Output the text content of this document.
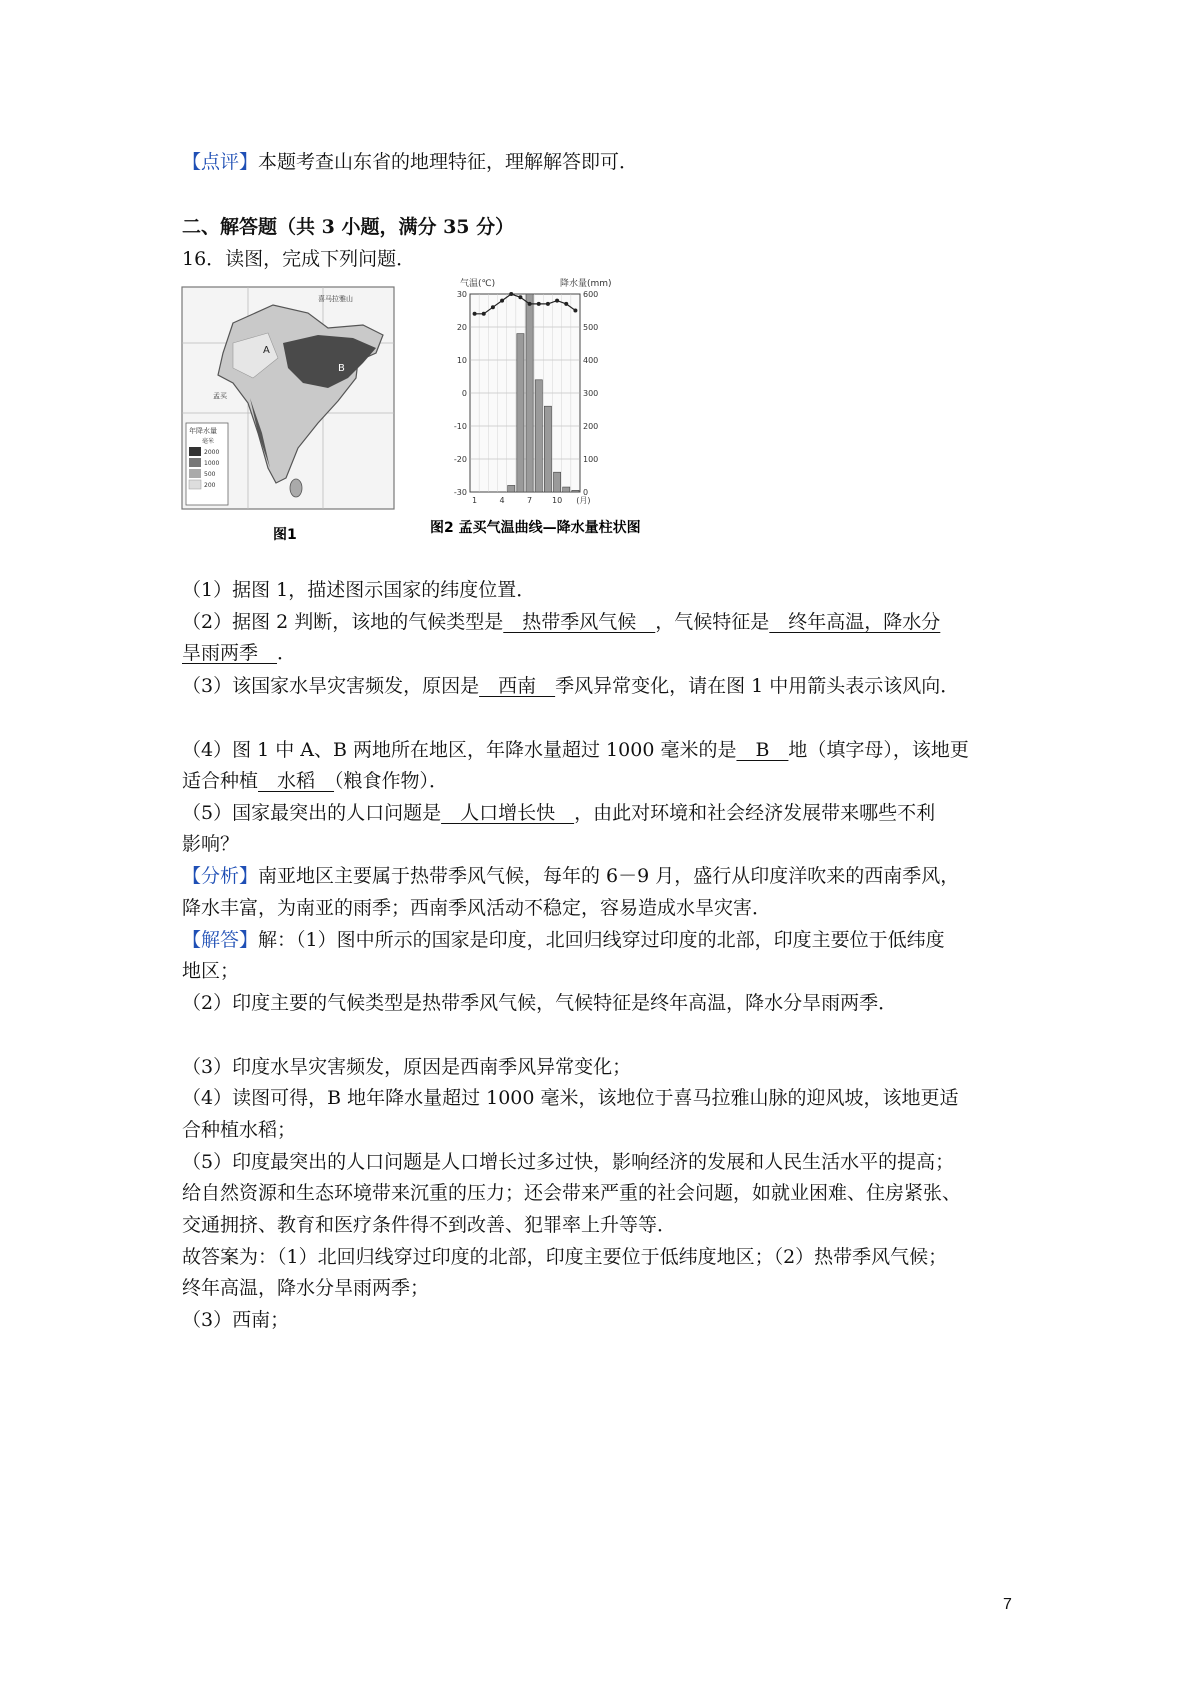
【点评】本题考查山东省的地理特征，理解解答即可．
二、解答题（共 3 小题，满分 35 分）
16．读图，完成下列问题．
A
B
喜马拉雅山
孟买
年降水量
毫米
2000
1000
500
200
图1
气温(℃)	降水量(mm)
30
20
10
0
-10
-20
-30
600
500
400
300
200
100
0
1	4	7 10 (月)
图2 孟买气温曲线—降水量柱状图
（1）据图 1，描述图示国家的纬度位置．
（2）据图 2 判断，该地的气候类型是　热带季风气候　，气候特征是　终年高温，降水分
旱雨两季　．
（3）该国家水旱灾害频发，原因是　西南　季风异常变化，请在图 1 中用箭头表示该风向．
（4）图 1 中 A、B 两地所在地区，年降水量超过 1000 毫米的是　B　地（填字母），该地更
适合种植　水稻　（粮食作物）．
（5）国家最突出的人口问题是　人口增长快　，由此对环境和社会经济发展带来哪些不利
影响？
【分析】南亚地区主要属于热带季风气候，每年的 6－9 月，盛行从印度洋吹来的西南季风，
降水丰富，为南亚的雨季；西南季风活动不稳定，容易造成水旱灾害．
【解答】解：（1）图中所示的国家是印度，北回归线穿过印度的北部，印度主要位于低纬度
地区；
（2）印度主要的气候类型是热带季风气候，气候特征是终年高温，降水分旱雨两季．
（3）印度水旱灾害频发，原因是西南季风异常变化；
（4）读图可得，B 地年降水量超过 1000 毫米，该地位于喜马拉雅山脉的迎风坡，该地更适
合种植水稻；
（5）印度最突出的人口问题是人口增长过多过快，影响经济的发展和人民生活水平的提高；
给自然资源和生态环境带来沉重的压力；还会带来严重的社会问题，如就业困难、住房紧张、
交通拥挤、教育和医疗条件得不到改善、犯罪率上升等等．
故答案为：（1）北回归线穿过印度的北部，印度主要位于低纬度地区；（2）热带季风气候；
终年高温，降水分旱雨两季；
（3）西南；
7
